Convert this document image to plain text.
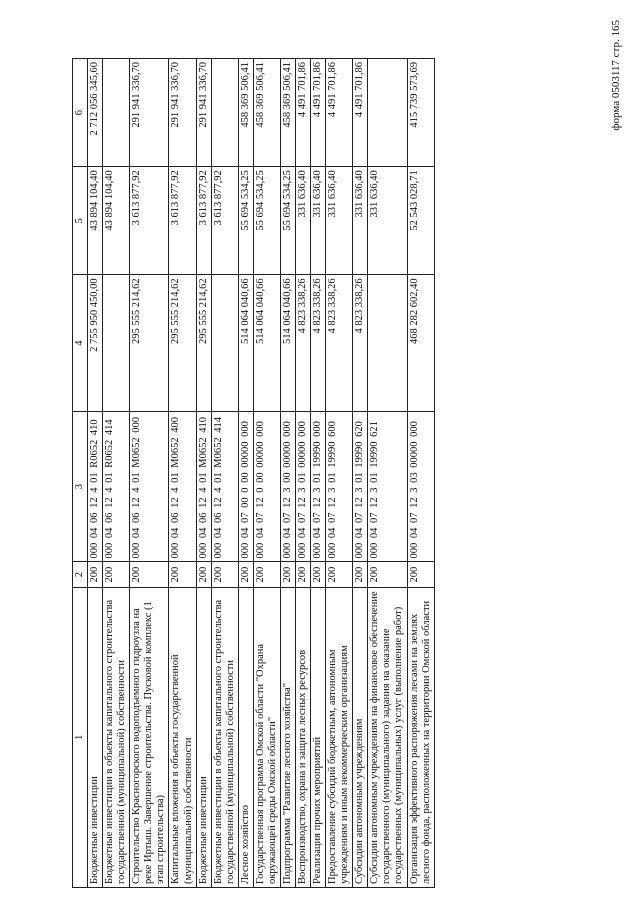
форма 0503117 стр. 165
1	2	3	4	5	6
Бюджетные инвестиции	200	000 04 06 12 4 01 R0652 410	2 755 950 450,00	43 894 104,40	2 712 056 345,60
Бюджетные инвестиции в объекты капитального строительства государственной (муниципальной) собственности	200	000 04 06 12 4 01 R0652 414		43 894 104,40	
Строительство Красногорского водоподъемного гидроузла на реке Иртыш. Завершение строительства. Пусковой комплекс (1 этап строительства)	200	000 04 06 12 4 01 М0652 000	295 555 214,62	3 613 877,92	291 941 336,70
Капитальные вложения в объекты государственной (муниципальной) собственности	200	000 04 06 12 4 01 М0652 400	295 555 214,62	3 613 877,92	291 941 336,70
Бюджетные инвестиции	200	000 04 06 12 4 01 М0652 410	295 555 214,62	3 613 877,92	291 941 336,70
Бюджетные инвестиции в объекты капитального строительства государственной (муниципальной) собственности	200	000 04 06 12 4 01 М0652 414		3 613 877,92	
Лесное хозяйство	200	000 04 07 00 0 00 00000 000	514 064 040,66	55 694 534,25	458 369 506,41
Государственная программа Омской области "Охрана окружающей среды Омской области"	200	000 04 07 12 0 00 00000 000	514 064 040,66	55 694 534,25	458 369 506,41
Подпрограмма "Развитие лесного хозяйства"	200	000 04 07 12 3 00 00000 000	514 064 040,66	55 694 534,25	458 369 506,41
Воспроизводство, охрана и защита лесных ресурсов	200	000 04 07 12 3 01 00000 000	4 823 338,26	331 636,40	4 491 701,86
Реализация прочих мероприятий	200	000 04 07 12 3 01 19990 000	4 823 338,26	331 636,40	4 491 701,86
Предоставление субсидий бюджетным, автономным учреждениям и иным некоммерческим организациям	200	000 04 07 12 3 01 19990 600	4 823 338,26	331 636,40	4 491 701,86
Субсидии автономным учреждениям	200	000 04 07 12 3 01 19990 620	4 823 338,26	331 636,40	4 491 701,86
Субсидии автономным учреждениям на финансовое обеспечение государственного (муниципального) задания на оказание государственных (муниципальных) услуг (выполнение работ)	200	000 04 07 12 3 01 19990 621		331 636,40	
Организация эффективного распоряжения лесами на землях лесного фонда, расположенных на территории Омской области	200	000 04 07 12 3 03 00000 000	468 282 602,40	52 543 028,71	415 739 573,69
